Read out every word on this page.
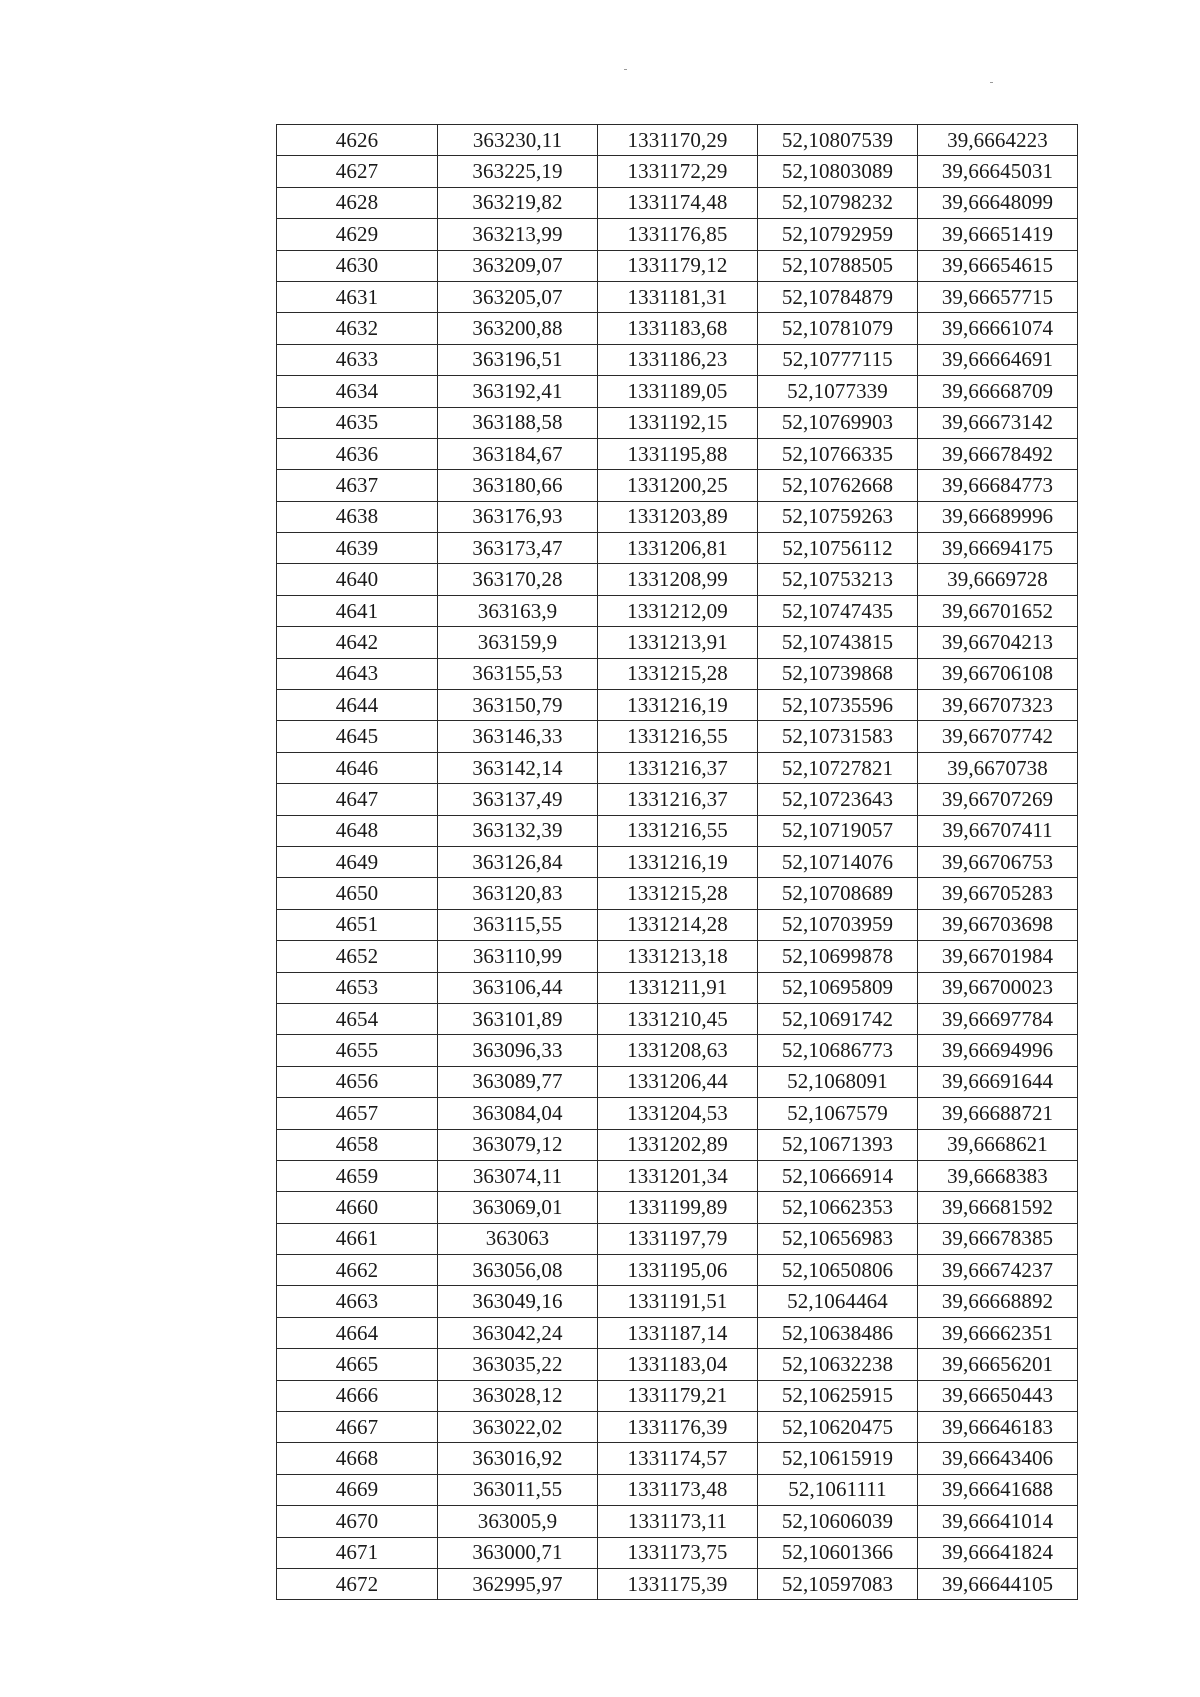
4626	363230,11	1331170,29	52,10807539	39,6664223
4627	363225,19	1331172,29	52,10803089	39,66645031
4628	363219,82	1331174,48	52,10798232	39,66648099
4629	363213,99	1331176,85	52,10792959	39,66651419
4630	363209,07	1331179,12	52,10788505	39,66654615
4631	363205,07	1331181,31	52,10784879	39,66657715
4632	363200,88	1331183,68	52,10781079	39,66661074
4633	363196,51	1331186,23	52,10777115	39,66664691
4634	363192,41	1331189,05	52,1077339	39,66668709
4635	363188,58	1331192,15	52,10769903	39,66673142
4636	363184,67	1331195,88	52,10766335	39,66678492
4637	363180,66	1331200,25	52,10762668	39,66684773
4638	363176,93	1331203,89	52,10759263	39,66689996
4639	363173,47	1331206,81	52,10756112	39,66694175
4640	363170,28	1331208,99	52,10753213	39,6669728
4641	363163,9	1331212,09	52,10747435	39,66701652
4642	363159,9	1331213,91	52,10743815	39,66704213
4643	363155,53	1331215,28	52,10739868	39,66706108
4644	363150,79	1331216,19	52,10735596	39,66707323
4645	363146,33	1331216,55	52,10731583	39,66707742
4646	363142,14	1331216,37	52,10727821	39,6670738
4647	363137,49	1331216,37	52,10723643	39,66707269
4648	363132,39	1331216,55	52,10719057	39,66707411
4649	363126,84	1331216,19	52,10714076	39,66706753
4650	363120,83	1331215,28	52,10708689	39,66705283
4651	363115,55	1331214,28	52,10703959	39,66703698
4652	363110,99	1331213,18	52,10699878	39,66701984
4653	363106,44	1331211,91	52,10695809	39,66700023
4654	363101,89	1331210,45	52,10691742	39,66697784
4655	363096,33	1331208,63	52,10686773	39,66694996
4656	363089,77	1331206,44	52,1068091	39,66691644
4657	363084,04	1331204,53	52,1067579	39,66688721
4658	363079,12	1331202,89	52,10671393	39,6668621
4659	363074,11	1331201,34	52,10666914	39,6668383
4660	363069,01	1331199,89	52,10662353	39,66681592
4661	363063	1331197,79	52,10656983	39,66678385
4662	363056,08	1331195,06	52,10650806	39,66674237
4663	363049,16	1331191,51	52,1064464	39,66668892
4664	363042,24	1331187,14	52,10638486	39,66662351
4665	363035,22	1331183,04	52,10632238	39,66656201
4666	363028,12	1331179,21	52,10625915	39,66650443
4667	363022,02	1331176,39	52,10620475	39,66646183
4668	363016,92	1331174,57	52,10615919	39,66643406
4669	363011,55	1331173,48	52,1061111	39,66641688
4670	363005,9	1331173,11	52,10606039	39,66641014
4671	363000,71	1331173,75	52,10601366	39,66641824
4672	362995,97	1331175,39	52,10597083	39,66644105
